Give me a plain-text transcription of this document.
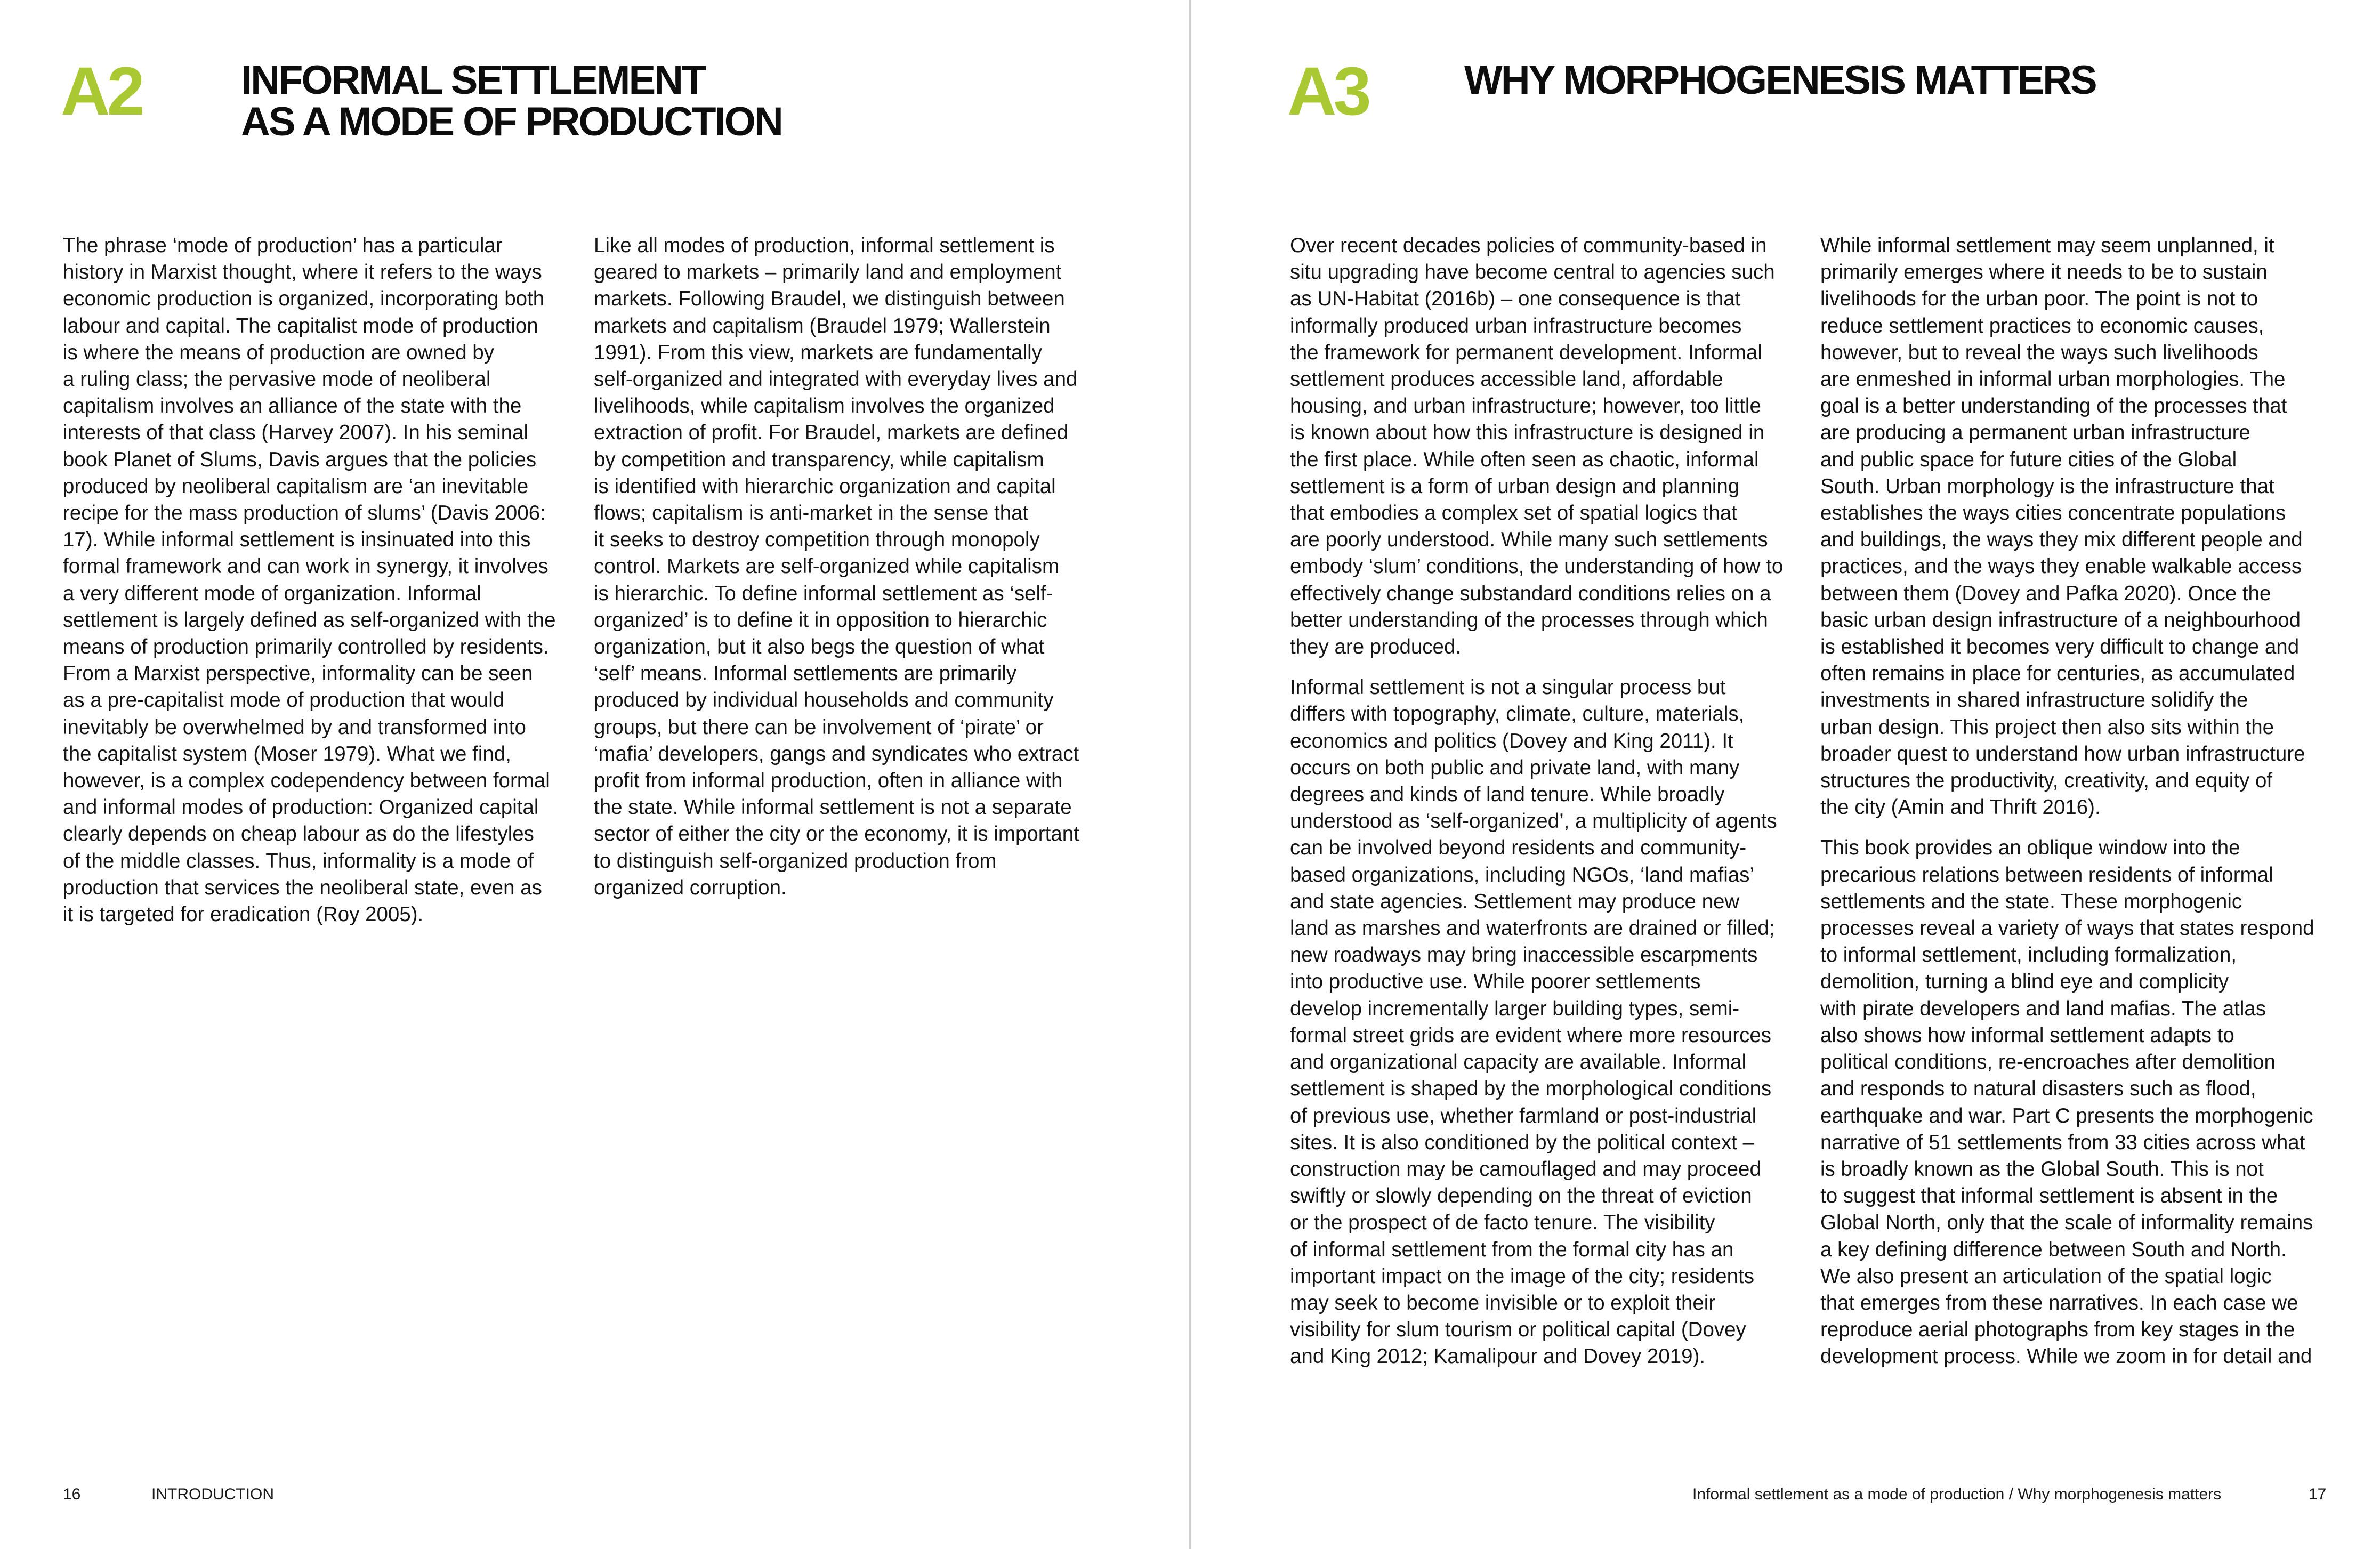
A2 INFORMAL SETTLEMENT
AS A MODE OF PRODUCTION
The phrase ‘mode of production’ has a particular
history in Marxist thought, where it refers to the ways
economic production is organized, incorporating both
labour and capital. The capitalist mode of production
is where the means of production are owned by
a ruling class; the pervasive mode of neoliberal
capitalism involves an alliance of the state with the
interests of that class (Harvey 2007). In his seminal
book Planet of Slums, Davis argues that the policies
produced by neoliberal capitalism are ‘an inevitable
recipe for the mass production of slums’ (Davis 2006:
17). While informal settlement is insinuated into this
formal framework and can work in synergy, it involves
a very different mode of organization. Informal
settlement is largely defined as self-organized with the
means of production primarily controlled by residents.
From a Marxist perspective, informality can be seen
as a pre-capitalist mode of production that would
inevitably be overwhelmed by and transformed into
the capitalist system (Moser 1979). What we find,
however, is a complex codependency between formal
and informal modes of production: Organized capital
clearly depends on cheap labour as do the lifestyles
of the middle classes. Thus, informality is a mode of
production that services the neoliberal state, even as
it is targeted for eradication (Roy 2005).
Like all modes of production, informal settlement is
geared to markets – primarily land and employment
markets. Following Braudel, we distinguish between
markets and capitalism (Braudel 1979; Wallerstein
1991). From this view, markets are fundamentally
self-organized and integrated with everyday lives and
livelihoods, while capitalism involves the organized
extraction of profit. For Braudel, markets are defined
by competition and transparency, while capitalism
is identified with hierarchic organization and capital
flows; capitalism is anti-market in the sense that
it seeks to destroy competition through monopoly
control. Markets are self-organized while capitalism
is hierarchic. To define informal settlement as ‘self-
organized’ is to define it in opposition to hierarchic
organization, but it also begs the question of what
‘self’ means. Informal settlements are primarily
produced by individual households and community
groups, but there can be involvement of ‘pirate’ or
‘mafia’ developers, gangs and syndicates who extract
profit from informal production, often in alliance with
the state. While informal settlement is not a separate
sector of either the city or the economy, it is important
to distinguish self-organized production from
organized corruption.
16	INTRODUCTION
A3 WHY MORPHOGENESIS MATTERS
Over recent decades policies of community-based in
situ upgrading have become central to agencies such
as UN-Habitat (2016b) – one consequence is that
informally produced urban infrastructure becomes
the framework for permanent development. Informal
settlement produces accessible land, affordable
housing, and urban infrastructure; however, too little
is known about how this infrastructure is designed in
the first place. While often seen as chaotic, informal
settlement is a form of urban design and planning
that embodies a complex set of spatial logics that
are poorly understood. While many such settlements
embody ‘slum’ conditions, the understanding of how to
effectively change substandard conditions relies on a
better understanding of the processes through which
they are produced.
Informal settlement is not a singular process but
differs with topography, climate, culture, materials,
economics and politics (Dovey and King 2011). It
occurs on both public and private land, with many
degrees and kinds of land tenure. While broadly
understood as ‘self-organized’, a multiplicity of agents
can be involved beyond residents and community-
based organizations, including NGOs, ‘land mafias’
and state agencies. Settlement may produce new
land as marshes and waterfronts are drained or filled;
new roadways may bring inaccessible escarpments
into productive use. While poorer settlements
develop incrementally larger building types, semi-
formal street grids are evident where more resources
and organizational capacity are available. Informal
settlement is shaped by the morphological conditions
of previous use, whether farmland or post-industrial
sites. It is also conditioned by the political context –
construction may be camouflaged and may proceed
swiftly or slowly depending on the threat of eviction
or the prospect of de facto tenure. The visibility
of informal settlement from the formal city has an
important impact on the image of the city; residents
may seek to become invisible or to exploit their
visibility for slum tourism or political capital (Dovey
and King 2012; Kamalipour and Dovey 2019).
While informal settlement may seem unplanned, it
primarily emerges where it needs to be to sustain
livelihoods for the urban poor. The point is not to
reduce settlement practices to economic causes,
however, but to reveal the ways such livelihoods
are enmeshed in informal urban morphologies. The
goal is a better understanding of the processes that
are producing a permanent urban infrastructure
and public space for future cities of the Global
South. Urban morphology is the infrastructure that
establishes the ways cities concentrate populations
and buildings, the ways they mix different people and
practices, and the ways they enable walkable access
between them (Dovey and Pafka 2020). Once the
basic urban design infrastructure of a neighbourhood
is established it becomes very difficult to change and
often remains in place for centuries, as accumulated
investments in shared infrastructure solidify the
urban design. This project then also sits within the
broader quest to understand how urban infrastructure
structures the productivity, creativity, and equity of
the city (Amin and Thrift 2016).
This book provides an oblique window into the
precarious relations between residents of informal
settlements and the state. These morphogenic
processes reveal a variety of ways that states respond
to informal settlement, including formalization,
demolition, turning a blind eye and complicity
with pirate developers and land mafias. The atlas
also shows how informal settlement adapts to
political conditions, re-encroaches after demolition
and responds to natural disasters such as flood,
earthquake and war. Part C presents the morphogenic
narrative of 51 settlements from 33 cities across what
is broadly known as the Global South. This is not
to suggest that informal settlement is absent in the
Global North, only that the scale of informality remains
a key defining difference between South and North.
We also present an articulation of the spatial logic
that emerges from these narratives. In each case we
reproduce aerial photographs from key stages in the
development process. While we zoom in for detail and
Informal settlement as a mode of production / Why morphogenesis matters	17
